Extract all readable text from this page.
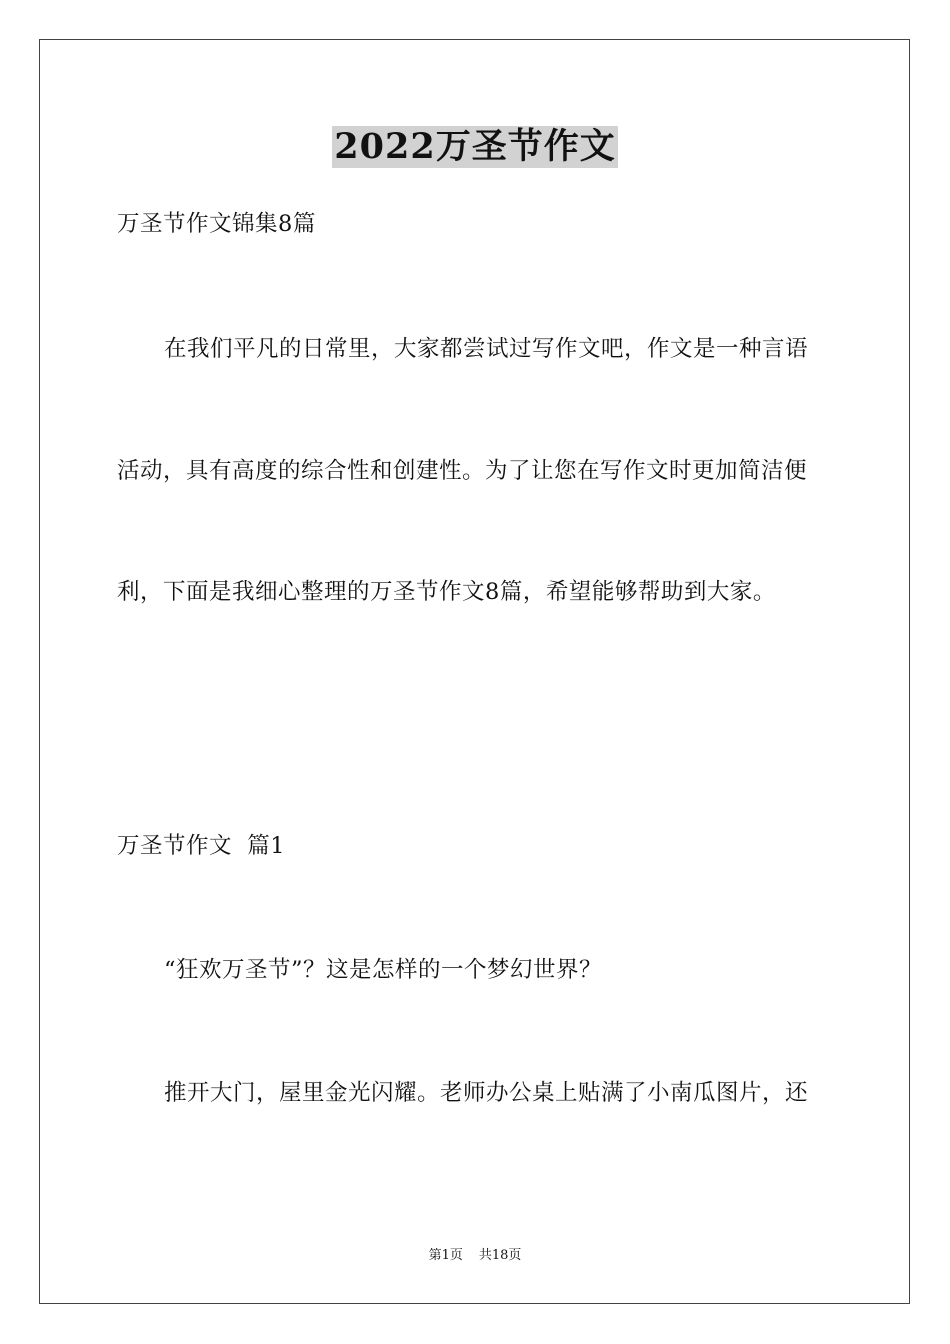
2022万圣节作文
万圣节作文锦集8篇
在我们平凡的日常里，大家都尝试过写作文吧，作文是一种言语
活动，具有高度的综合性和创建性。为了让您在写作文时更加简洁便
利，下面是我细心整理的万圣节作文8篇，希望能够帮助到大家。
万圣节作文  篇1
“狂欢万圣节”？这是怎样的一个梦幻世界？
推开大门，屋里金光闪耀。老师办公桌上贴满了小南瓜图片，还
第1页 共18页
